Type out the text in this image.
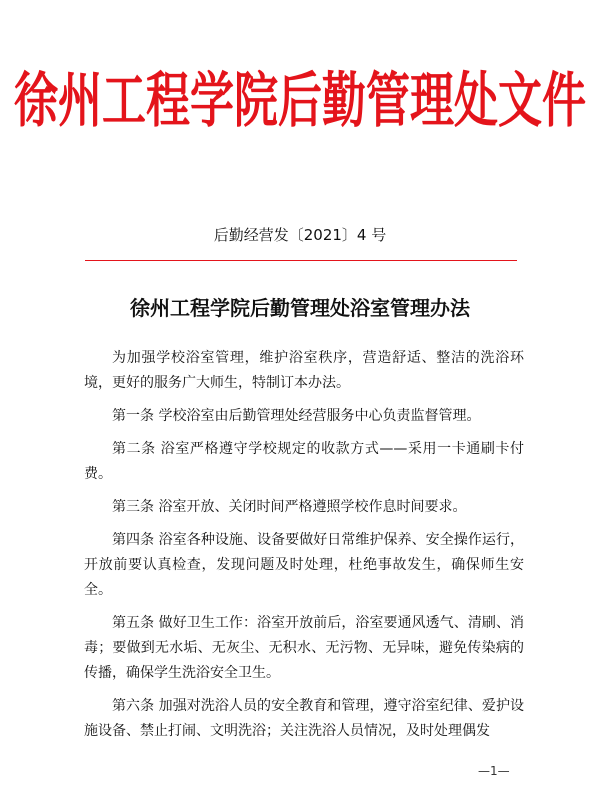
徐州工程学院后勤管理处文件
后勤经营发〔2021〕4 号
徐州工程学院后勤管理处浴室管理办法

为加强学校浴室管理，维护浴室秩序，营造舒适、整洁的洗浴环境，更好的服务广大师生，特制订本办法。

第一条 学校浴室由后勤管理处经营服务中心负责监督管理。

第二条 浴室严格遵守学校规定的收款方式——采用一卡通刷卡付费。

第三条 浴室开放、关闭时间严格遵照学校作息时间要求。

第四条 浴室各种设施、设备要做好日常维护保养、安全操作运行，开放前要认真检查，发现问题及时处理，杜绝事故发生，确保师生安全。

第五条 做好卫生工作：浴室开放前后，浴室要通风透气、清刷、消毒；要做到无水垢、无灰尘、无积水、无污物、无异味，避免传染病的传播，确保学生洗浴安全卫生。

第六条 加强对洗浴人员的安全教育和管理，遵守浴室纪律、爱护设施设备、禁止打闹、文明洗浴；关注洗浴人员情况，及时处理偶发

—1—
